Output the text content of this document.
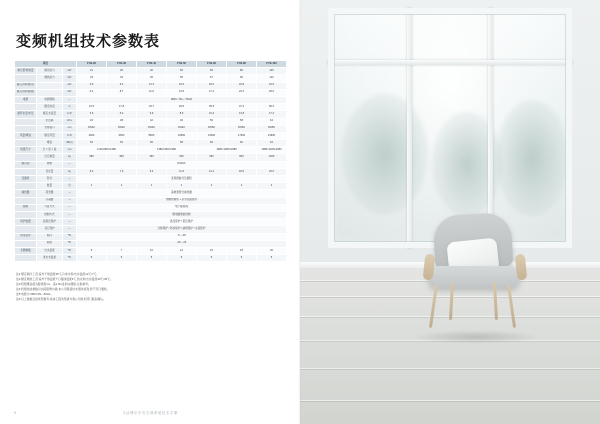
变频机组技术参数表
项目			FYB-20	FYB-30	FYB-40	FYB-50	FYB-60	FYB-80	FYB-100
制冷量/制热量	制冷能力	kW	21	30	40	50	60	80	100
	制热能力	kW	23	33	45	56	67	90	112
输入功率(制冷)		kW	6.5	9.3	12.4	15.5	18.6	24.8	31.0
输入功率(制热)		kW	6.1	8.7	11.6	14.5	17.4	23.2	29.0
电源	电源规格	—	380V / 3N~ / 50Hz						
	额定电流	A	12.5	17.8	23.7	29.6	35.5	47.4	59.2
循环水量/水压	额定水流量	m³/h	3.6	5.2	6.9	8.6	10.3	13.8	17.2
	水压降	kPa	32	38	42	46	50	58	64
	水管接口	mm	DN32	DN32	DN40	DN40	DN50	DN50	DN65
风量/噪音	额定风量	m³/h	4500	6500	8600	10800	13000	17300	21600
	噪音	dB(A)	52	54	56	58	60	62	64
机组尺寸	长 × 宽 × 高	mm	1100×860×1380		1380×960×1580		1680×1080×1880		1980×1180×2080
	运行重量	kg	280	360	450	540	660	830	1020
制冷剂	种类	—	R410A						
	充注量	kg	5.2	7.0	9.4	11.8	14.2	18.6	23.0
压缩机	形式	—	变频涡旋式压缩机						
	数量	台	1	1	1	1	2	2	2
换热器	蒸发器	—	高效套管式换热器						
	冷凝器	—	内螺纹铜管 + 亲水铝箔翅片						
控制	节流方式	—	电子膨胀阀						
	控制方式	—	微电脑智能控制						
保护装置	高低压保护	—	高压保护 / 低压保护						
	其它保护	—	过载保护 / 防冻保护 / 缺相保护 / 水流保护						
使用条件	制冷	℃	-5 ~ 48						
	制热	℃	-15 ~ 24						
水侧参数	出水温度	℃	5	7	10	12	15	18	20
	进出水温差	℃	5	5	5	5	5	5	5
注1:额定制冷工况:室外干球温度35℃,冷冻水进/出水温度12℃/7℃。
注2:额定制热工况:室外干球温度7℃/湿球温度6℃,热水进/出水温度40℃/45℃。
注3:机组噪音值为距机组1m、高1.5m处的实测值,仅供参考。
注4:机组性能参数以实际铭牌为准,本公司保留技术更改权利,恕不另行通知。
注5:电源为 380V-3N~-50Hz。
注6:以上参数仅供选型参考,具体工程选型请与我公司技术部门联系确认。
9	飞达博尔中央空调系统技术手册
